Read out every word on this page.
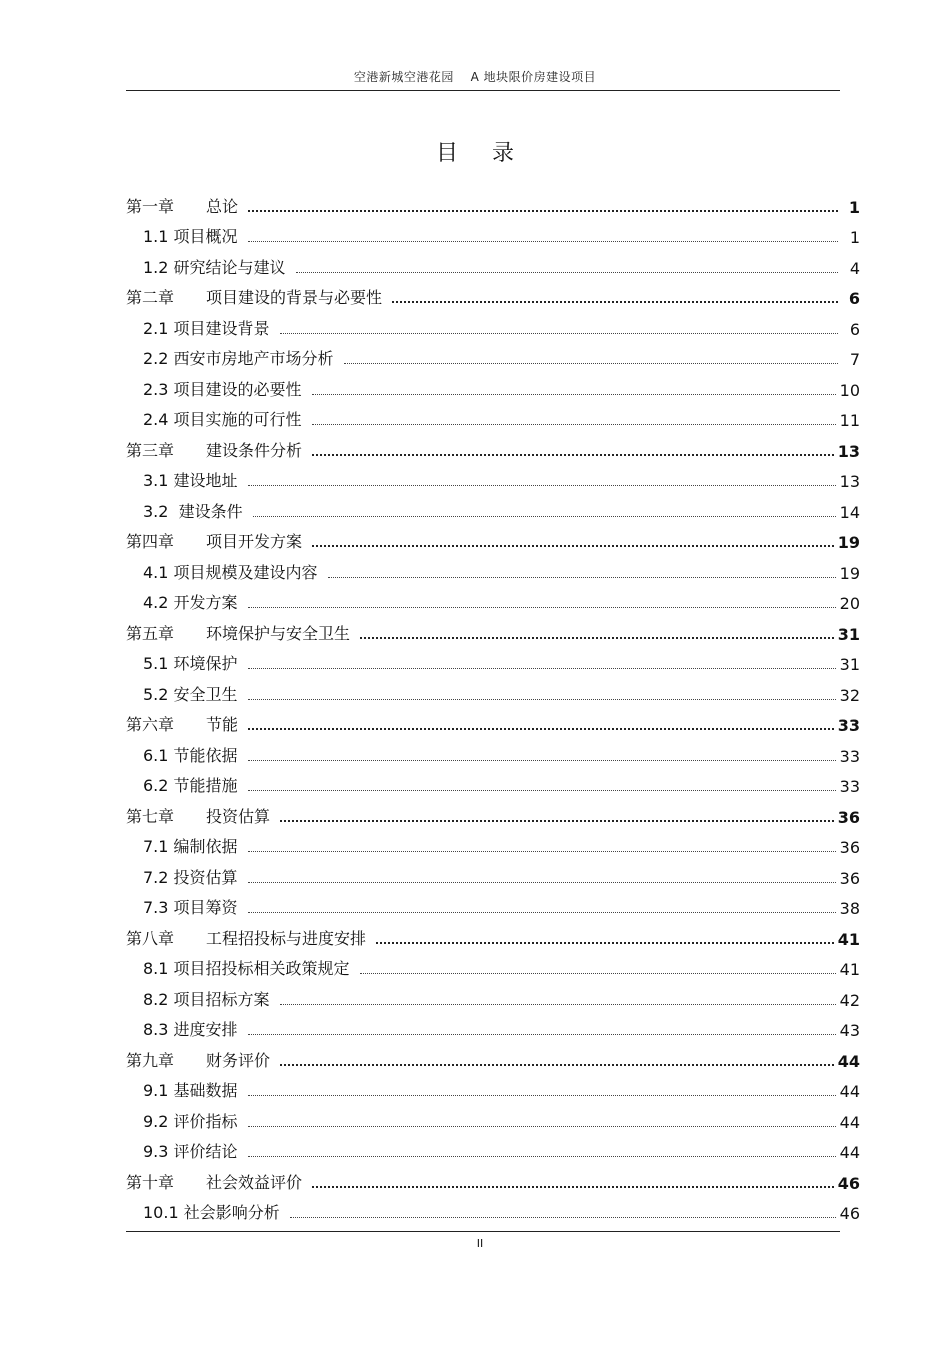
空港新城空港花园　 A 地块限价房建设项目
目录
第一章　　总论	1
1.1 项目概况	1
1.2 研究结论与建议	4
第二章　　项目建设的背景与必要性	6
2.1 项目建设背景	6
2.2 西安市房地产市场分析	7
2.3 项目建设的必要性	10
2.4 项目实施的可行性	11
第三章　　建设条件分析	13
3.1 建设地址	13
3.2  建设条件	14
第四章　　项目开发方案	19
4.1 项目规模及建设内容	19
4.2 开发方案	20
第五章　　环境保护与安全卫生	31
5.1 环境保护	31
5.2 安全卫生	32
第六章　　节能	33
6.1 节能依据	33
6.2 节能措施	33
第七章　　投资估算	36
7.1 编制依据	36
7.2 投资估算	36
7.3 项目筹资	38
第八章　　工程招投标与进度安排	41
8.1 项目招投标相关政策规定	41
8.2 项目招标方案	42
8.3 进度安排	43
第九章　　财务评价	44
9.1 基础数据	44
9.2 评价指标	44
9.3 评价结论	44
第十章　　社会效益评价	46
10.1 社会影响分析	46
II
